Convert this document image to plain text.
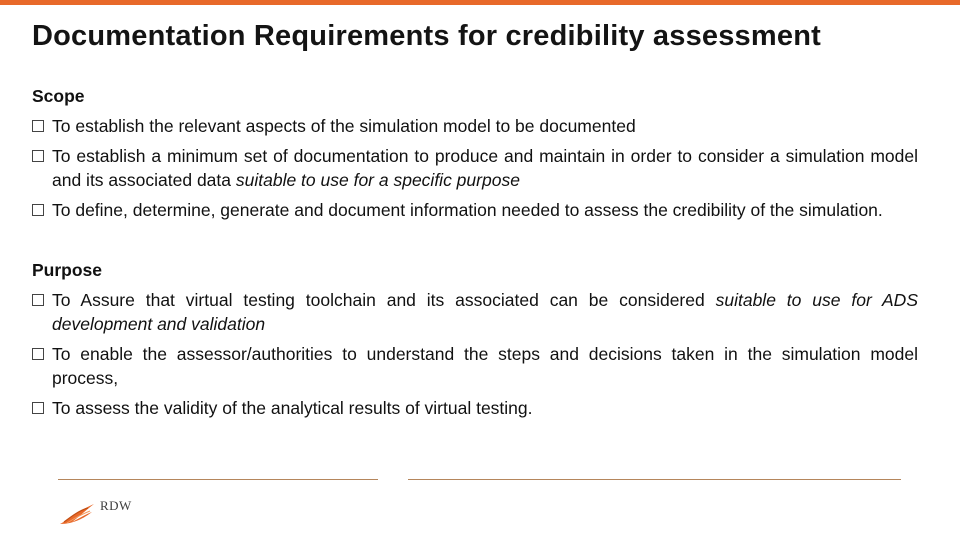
Documentation Requirements for credibility assessment
Scope
To establish the relevant aspects of the simulation model to be documented
To establish a minimum set of documentation to produce and maintain in order to consider a simulation model and its associated data suitable to use for a specific purpose
To define, determine, generate and document information needed to assess the credibility of the simulation.
Purpose
To Assure that virtual testing toolchain and its associated can be considered suitable to use for ADS development and validation
To enable the assessor/authorities to understand the steps and decisions taken in the simulation model process,
To assess the validity of the analytical results of virtual testing.
RDW
